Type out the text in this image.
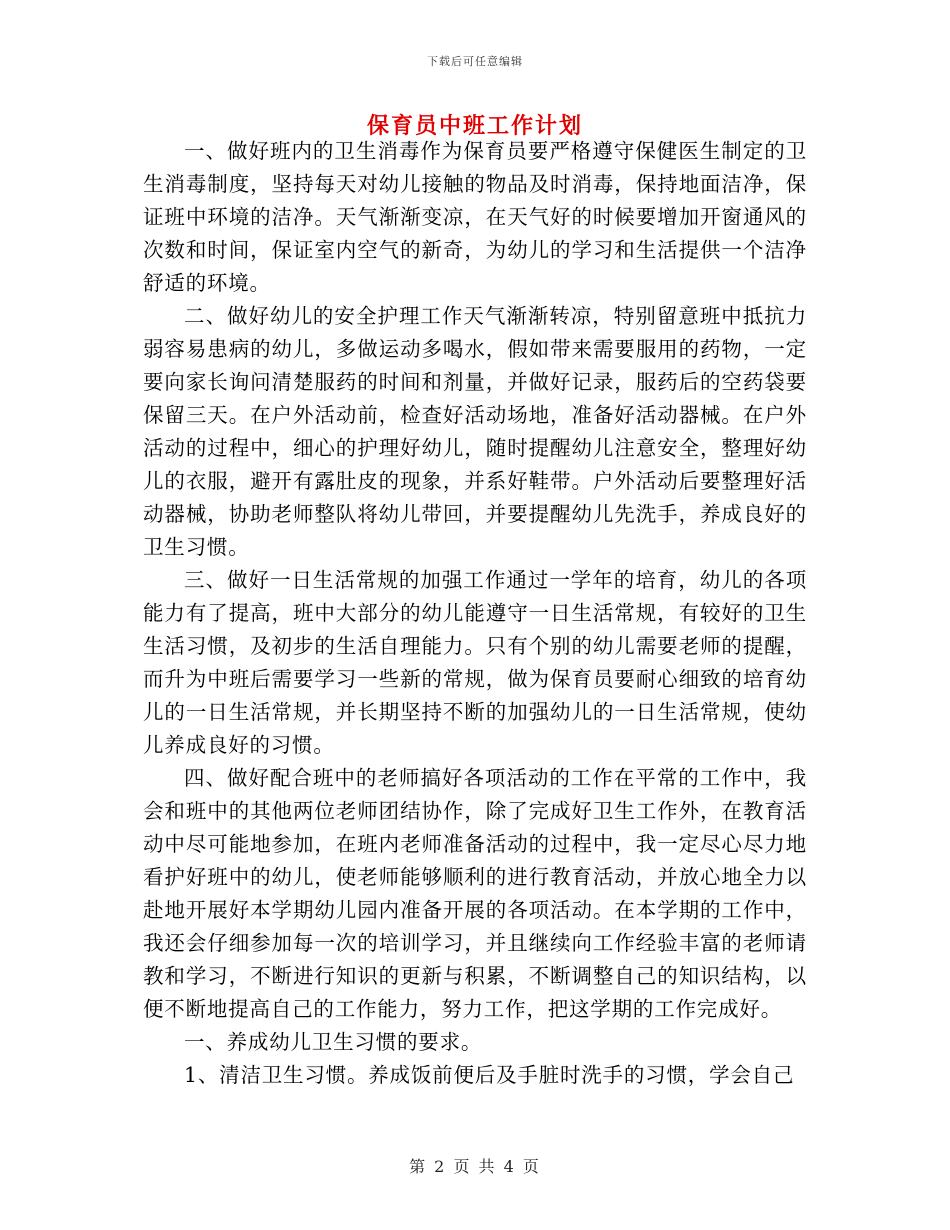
下载后可任意编辑
保育员中班工作计划

一、做好班内的卫生消毒作为保育员要严格遵守保健医生制定的卫生消毒制度，坚持每天对幼儿接触的物品及时消毒，保持地面洁净，保证班中环境的洁净。天气渐渐变凉，在天气好的时候要增加开窗通风的次数和时间，保证室内空气的新奇，为幼儿的学习和生活提供一个洁净舒适的环境。

二、做好幼儿的安全护理工作天气渐渐转凉，特别留意班中抵抗力弱容易患病的幼儿，多做运动多喝水，假如带来需要服用的药物，一定要向家长询问清楚服药的时间和剂量，并做好记录，服药后的空药袋要保留三天。在户外活动前，检查好活动场地，准备好活动器械。在户外活动的过程中，细心的护理好幼儿，随时提醒幼儿注意安全，整理好幼儿的衣服，避开有露肚皮的现象，并系好鞋带。户外活动后要整理好活动器械，协助老师整队将幼儿带回，并要提醒幼儿先洗手，养成良好的卫生习惯。

三、做好一日生活常规的加强工作通过一学年的培育，幼儿的各项能力有了提高，班中大部分的幼儿能遵守一日生活常规，有较好的卫生生活习惯，及初步的生活自理能力。只有个别的幼儿需要老师的提醒，而升为中班后需要学习一些新的常规，做为保育员要耐心细致的培育幼儿的一日生活常规，并长期坚持不断的加强幼儿的一日生活常规，使幼儿养成良好的习惯。

四、做好配合班中的老师搞好各项活动的工作在平常的工作中，我会和班中的其他两位老师团结协作，除了完成好卫生工作外，在教育活动中尽可能地参加，在班内老师准备活动的过程中，我一定尽心尽力地看护好班中的幼儿，使老师能够顺利的进行教育活动，并放心地全力以赴地开展好本学期幼儿园内准备开展的各项活动。在本学期的工作中，我还会仔细参加每一次的培训学习，并且继续向工作经验丰富的老师请教和学习，不断进行知识的更新与积累，不断调整自己的知识结构，以便不断地提高自己的工作能力，努力工作，把这学期的工作完成好。

一、养成幼儿卫生习惯的要求。

1、清洁卫生习惯。养成饭前便后及手脏时洗手的习惯，学会自己

第 2 页 共 4 页
